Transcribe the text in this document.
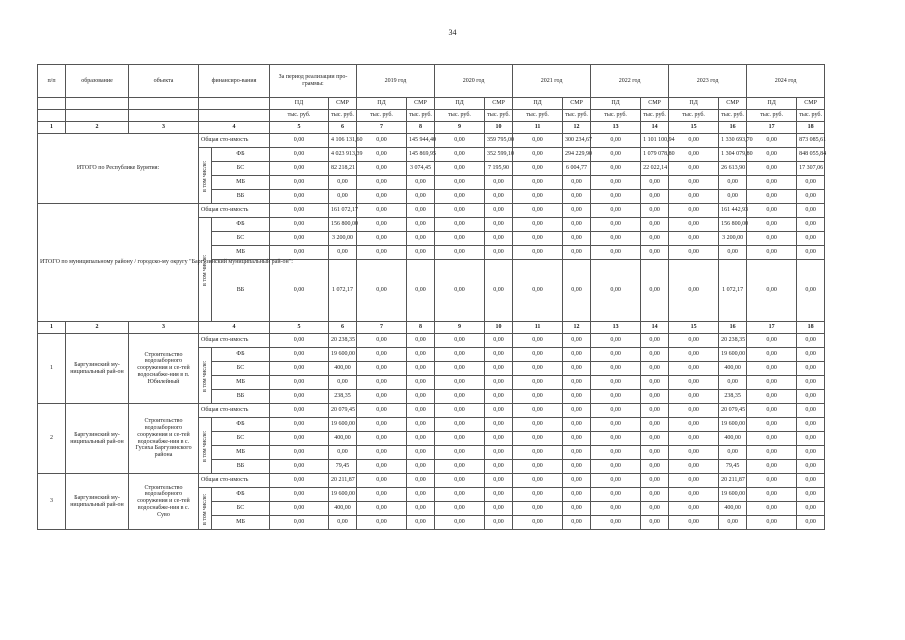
34
п/п	образование	объекта	финансиро-вания		За период реализации про-граммы:		2019 год		2020 год		2021 год		2022 год		2023 год		2024 год	
					ПД	СМР	ПД	СМР	ПД	СМР	ПД	СМР	ПД	СМР	ПД	СМР	ПД	СМР
					тыс. руб.	тыс. руб.	тыс. руб.	тыс. руб.	тыс. руб.	тыс. руб.	тыс. руб.	тыс. руб.	тыс. руб.	тыс. руб.	тыс. руб.	тыс. руб.	тыс. руб.	тыс. руб.
1	2	3	4		5	6	7	8	9	10	11	12	13	14	15	16	17	18
ИТОГО по Республике Бурятия:			Общая сто-имость		0,00	4 106 131,60	0,00	145 944,40	0,00	359 795,00	0,00	300 234,67	0,00	1 101 100,94	0,00	1 330 693,70	0,00	873 085,61
			в том числе:	ФБ	0,00	4 023 913,39	0,00	145 869,95	0,00	352 599,10	0,00	294 229,90	0,00	1 079 078,80	0,00	1 304 079,80	0,00	848 055,84
				БС	0,00	82 218,21	0,00	3 074,45	0,00	7 195,90	0,00	6 004,77	0,00	22 022,14	0,00	26 613,90	0,00	17 307,06
				МБ	0,00	0,00	0,00	0,00	0,00	0,00	0,00	0,00	0,00	0,00	0,00	0,00	0,00	0,00
				ВБ	0,00	0,00	0,00	0,00	0,00	0,00	0,00	0,00	0,00	0,00	0,00	0,00	0,00	0,00
ИТОГО по муниципальному району / городско-му округу "Баргузинский муниципальный рай-он":			Общая сто-имость		0,00	161 072,17	0,00	0,00	0,00	0,00	0,00	0,00	0,00	0,00	0,00	161 442,93	0,00	0,00
			в том числе:	ФБ	0,00	156 800,00	0,00	0,00	0,00	0,00	0,00	0,00	0,00	0,00	0,00	156 800,00	0,00	0,00
				БС	0,00	3 200,00	0,00	0,00	0,00	0,00	0,00	0,00	0,00	0,00	0,00	3 200,00	0,00	0,00
				МБ	0,00	0,00	0,00	0,00	0,00	0,00	0,00	0,00	0,00	0,00	0,00	0,00	0,00	0,00
				ВБ	0,00	1 072,17	0,00	0,00	0,00	0,00	0,00	0,00	0,00	0,00	0,00	1 072,17	0,00	0,00
1	2	3	4		5	6	7	8	9	10	11	12	13	14	15	16	17	18
1	Баргузинский му-ниципальный рай-он	Строительство водозаборного сооружения и се-тей водоснабже-ния в п. Юбилейный	Общая сто-имость		0,00	20 238,35	0,00	0,00	0,00	0,00	0,00	0,00	0,00	0,00	0,00	20 238,35	0,00	0,00
			в том числе:	ФБ	0,00	19 600,00	0,00	0,00	0,00	0,00	0,00	0,00	0,00	0,00	0,00	19 600,00	0,00	0,00
				БС	0,00	400,00	0,00	0,00	0,00	0,00	0,00	0,00	0,00	0,00	0,00	400,00	0,00	0,00
				МБ	0,00	0,00	0,00	0,00	0,00	0,00	0,00	0,00	0,00	0,00	0,00	0,00	0,00	0,00
				ВБ	0,00	238,35	0,00	0,00	0,00	0,00	0,00	0,00	0,00	0,00	0,00	238,35	0,00	0,00
2	Баргузинский му-ниципальный рай-он	Строительство водозаборного сооружения и се-тей водоснабже-ния в с. Гусиха Баргузинского района	Общая сто-имость		0,00	20 079,45	0,00	0,00	0,00	0,00	0,00	0,00	0,00	0,00	0,00	20 079,45	0,00	0,00
			в том числе:	ФБ	0,00	19 600,00	0,00	0,00	0,00	0,00	0,00	0,00	0,00	0,00	0,00	19 600,00	0,00	0,00
				БС	0,00	400,00	0,00	0,00	0,00	0,00	0,00	0,00	0,00	0,00	0,00	400,00	0,00	0,00
				МБ	0,00	0,00	0,00	0,00	0,00	0,00	0,00	0,00	0,00	0,00	0,00	0,00	0,00	0,00
				ВБ	0,00	79,45	0,00	0,00	0,00	0,00	0,00	0,00	0,00	0,00	0,00	79,45	0,00	0,00
3	Баргузинский му-ниципальный рай-он	Строительство водозаборного сооружения и се-тей водоснабже-ния в с. Суво	Общая сто-имость		0,00	20 211,87	0,00	0,00	0,00	0,00	0,00	0,00	0,00	0,00	0,00	20 211,87	0,00	0,00
			в том числе:	ФБ	0,00	19 600,00	0,00	0,00	0,00	0,00	0,00	0,00	0,00	0,00	0,00	19 600,00	0,00	0,00
				БС	0,00	400,00	0,00	0,00	0,00	0,00	0,00	0,00	0,00	0,00	0,00	400,00	0,00	0,00
				МБ	0,00	0,00	0,00	0,00	0,00	0,00	0,00	0,00	0,00	0,00	0,00	0,00	0,00	0,00
